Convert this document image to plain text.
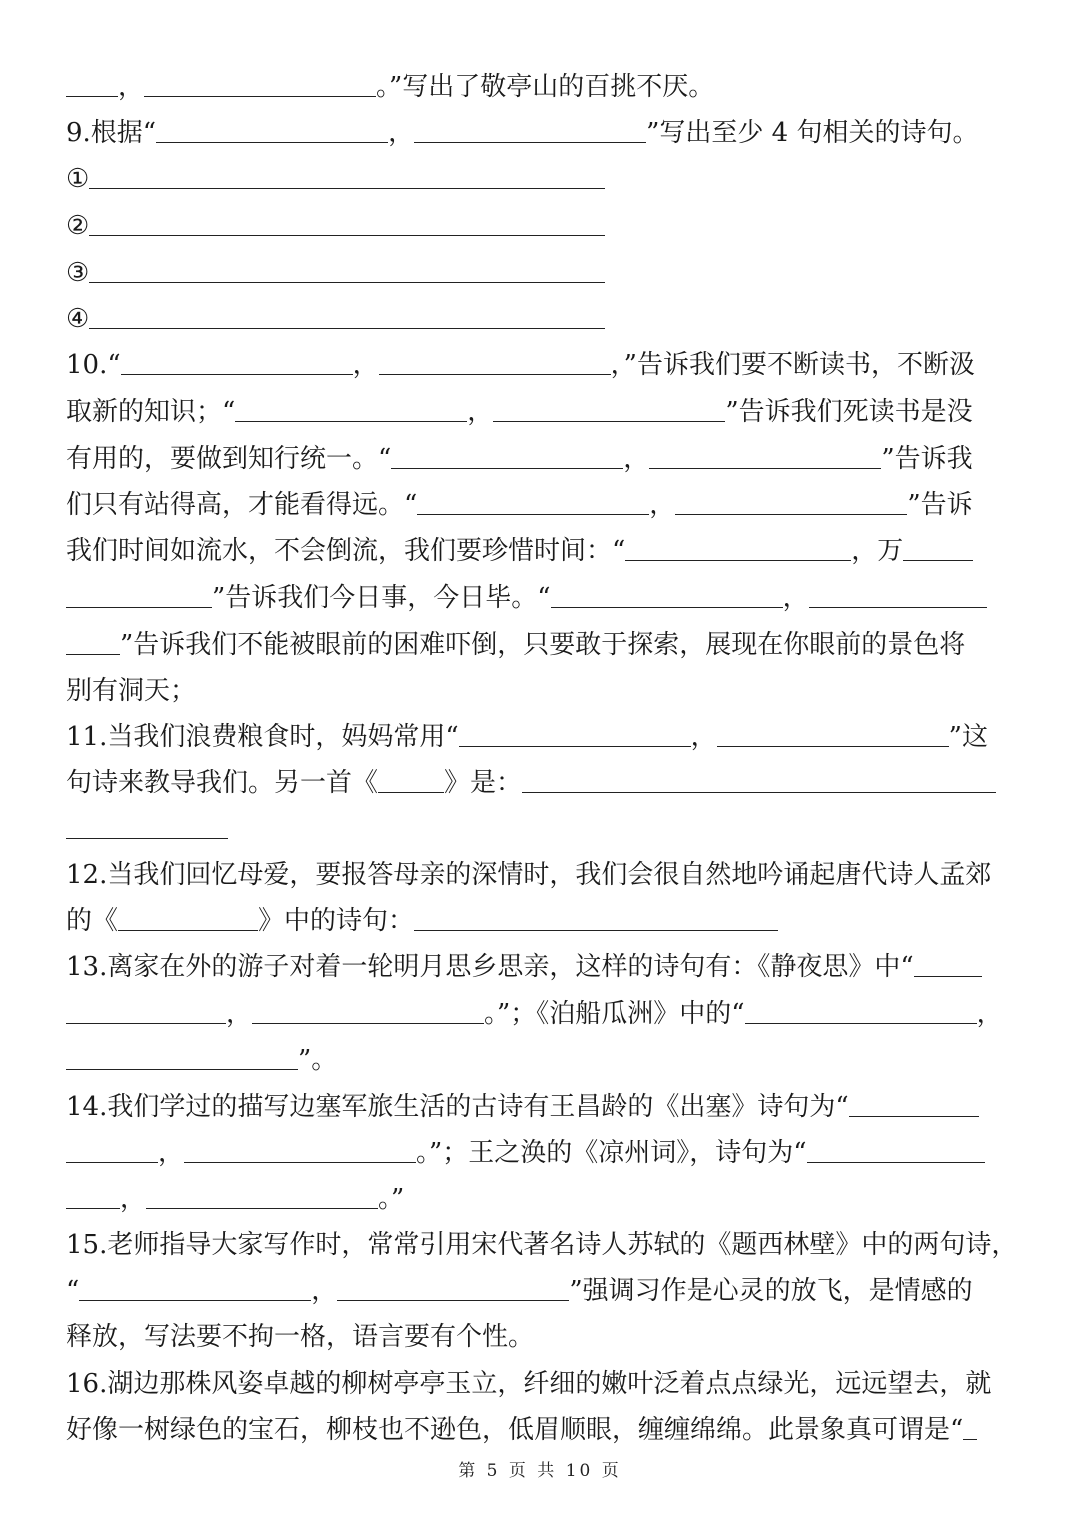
，	。”写出了敬亭山的百挑不厌。
9.根据“	，	”写出至少 4 句相关的诗句。
①
②
③
④
10.“	，	，”告诉我们要不断读书，不断汲
取新的知识；“	，	”告诉我们死读书是没
有用的，要做到知行统一。“	，	”告诉我
们只有站得高，才能看得远。“	，	”告诉
我们时间如流水，不会倒流，我们要珍惜时间：“	，万
”告诉我们今日事，今日毕。“	，
”告诉我们不能被眼前的困难吓倒，只要敢于探索，展现在你眼前的景色将
别有洞天；
11.当我们浪费粮食时，妈妈常用“	，	”这
句诗来教导我们。另一首《	》是：
12.当我们回忆母爱，要报答母亲的深情时，我们会很自然地吟诵起唐代诗人孟郊
的《	》中的诗句：
13.离家在外的游子对着一轮明月思乡思亲，这样的诗句有：《静夜思》中“
，	。”；《泊船瓜洲》中的“	，
”。
14.我们学过的描写边塞军旅生活的古诗有王昌龄的《出塞》诗句为“
，	。”；王之涣的《凉州词》，诗句为“
，	。”
15.老师指导大家写作时，常常引用宋代著名诗人苏轼的《题西林壁》中的两句诗，
“	，	”强调习作是心灵的放飞，是情感的
释放，写法要不拘一格，语言要有个性。
16.湖边那株风姿卓越的柳树亭亭玉立，纤细的嫩叶泛着点点绿光，远远望去，就
好像一树绿色的宝石，柳枝也不逊色，低眉顺眼，缠缠绵绵。此景象真可谓是“
第 5 页 共 10 页
